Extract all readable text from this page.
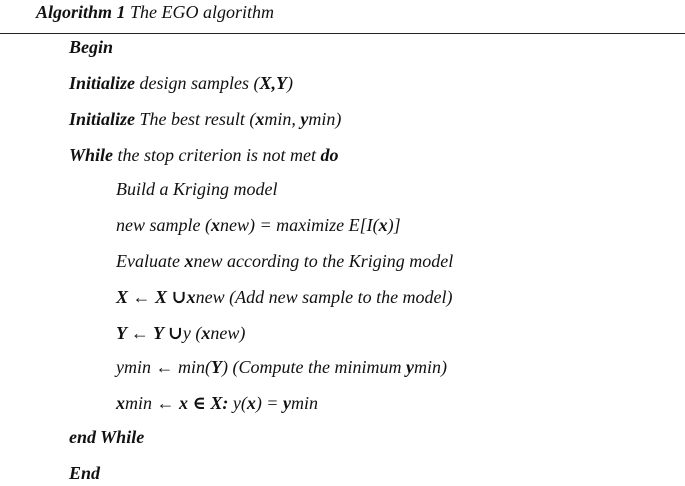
Algorithm 1 The EGO algorithm
Begin
Initialize design samples (X,Y)
Initialize The best result (xmin, ymin)
While the stop criterion is not met do
Build a Kriging model
new sample (xnew) = maximize E[I(x)]
Evaluate xnew according to the Kriging model
X ← X ∪xnew (Add new sample to the model)
Y ← Y ∪y (xnew)
ymin ← min(Y) (Compute the minimum ymin)
xmin ← x ∈ X: y(x) = ymin
end While
End
